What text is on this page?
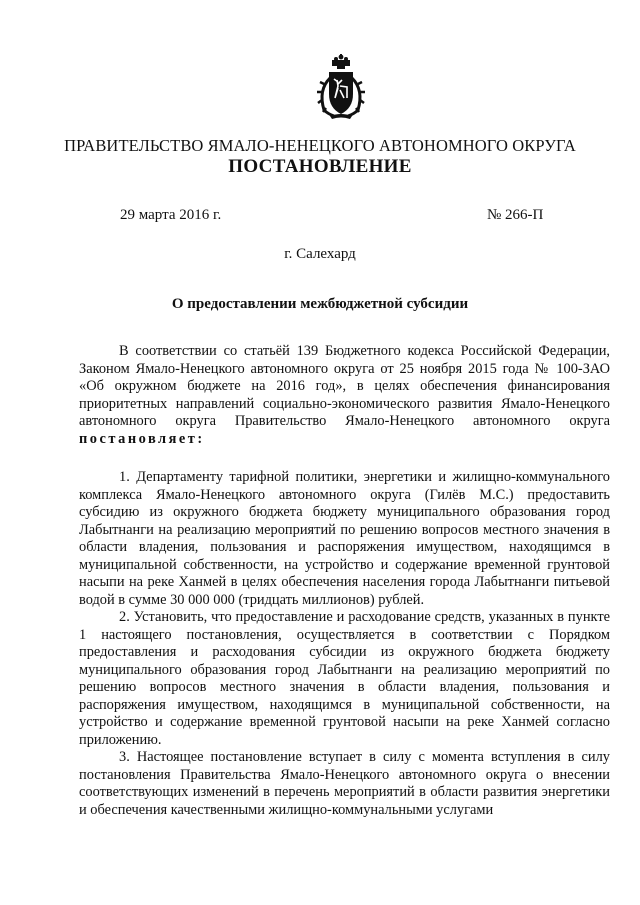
ПРАВИТЕЛЬСТВО ЯМАЛО-НЕНЕЦКОГО АВТОНОМНОГО ОКРУГА
ПОСТАНОВЛЕНИЕ
29 марта 2016 г.	№ 266-П
г. Салехард
О предоставлении межбюджетной субсидии

В соответствии со статьёй 139 Бюджетного кодекса Российской Федерации, Законом Ямало-Ненецкого автономного округа от 25 ноября 2015 года № 100-ЗАО «Об окружном бюджете на 2016 год», в целях обеспечения финансирования приоритетных направлений социально-экономического развития Ямало-Ненецкого автономного округа Правительство Ямало-Ненецкого автономного округа постановляет:

1. Департаменту тарифной политики, энергетики и жилищно-коммунального комплекса Ямало-Ненецкого автономного округа (Гилёв М.С.) предоставить субсидию из окружного бюджета бюджету муниципального образования город Лабытнанги на реализацию мероприятий по решению вопросов местного значения в области владения, пользования и распоряжения имуществом, находящимся в муниципальной собственности, на устройство и содержание временной грунтовой насыпи на реке Ханмей в целях обеспечения населения города Лабытнанги питьевой водой в сумме 30 000 000 (тридцать миллионов) рублей.

2. Установить, что предоставление и расходование средств, указанных в пункте 1 настоящего постановления, осуществляется в соответствии с Порядком предоставления и расходования субсидии из окружного бюджета бюджету муниципального образования город Лабытнанги на реализацию мероприятий по решению вопросов местного значения в области владения, пользования и распоряжения имуществом, находящимся в муниципальной собственности, на устройство и содержание временной грунтовой насыпи на реке Ханмей согласно приложению.

3. Настоящее постановление вступает в силу с момента вступления в силу постановления Правительства Ямало-Ненецкого автономного округа о внесении соответствующих изменений в перечень мероприятий в области развития энергетики и обеспечения качественными жилищно-коммунальными услугами
